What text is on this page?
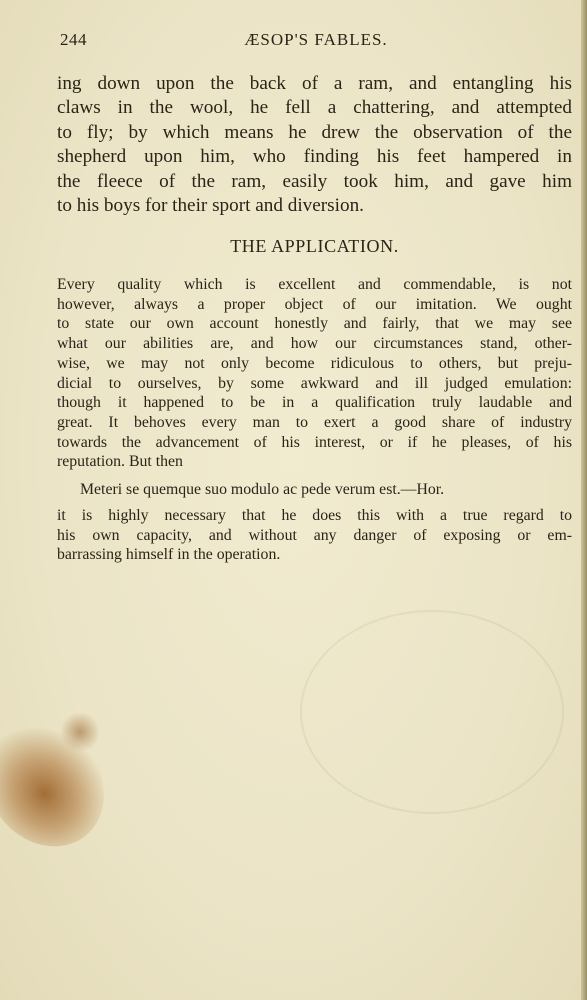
244	ÆSOP'S FABLES.
ing down upon the back of a ram, and entangling his
claws in the wool, he fell a chattering, and attempted
to fly; by which means he drew the observation of the
shepherd upon him, who finding his feet hampered in
the fleece of the ram, easily took him, and gave him
to his boys for their sport and diversion.
THE APPLICATION.
Every quality which is excellent and commendable, is not
however, always a proper object of our imitation. We ought
to state our own account honestly and fairly, that we may see
what our abilities are, and how our circumstances stand, other-
wise, we may not only become ridiculous to others, but preju-
dicial to ourselves, by some awkward and ill judged emulation:
though it happened to be in a qualification truly laudable and
great. It behoves every man to exert a good share of industry
towards the advancement of his interest, or if he pleases, of his
reputation. But then
Meteri se quemque suo modulo ac pede verum est.—Hor.
it is highly necessary that he does this with a true regard to
his own capacity, and without any danger of exposing or em-
barrassing himself in the operation.
